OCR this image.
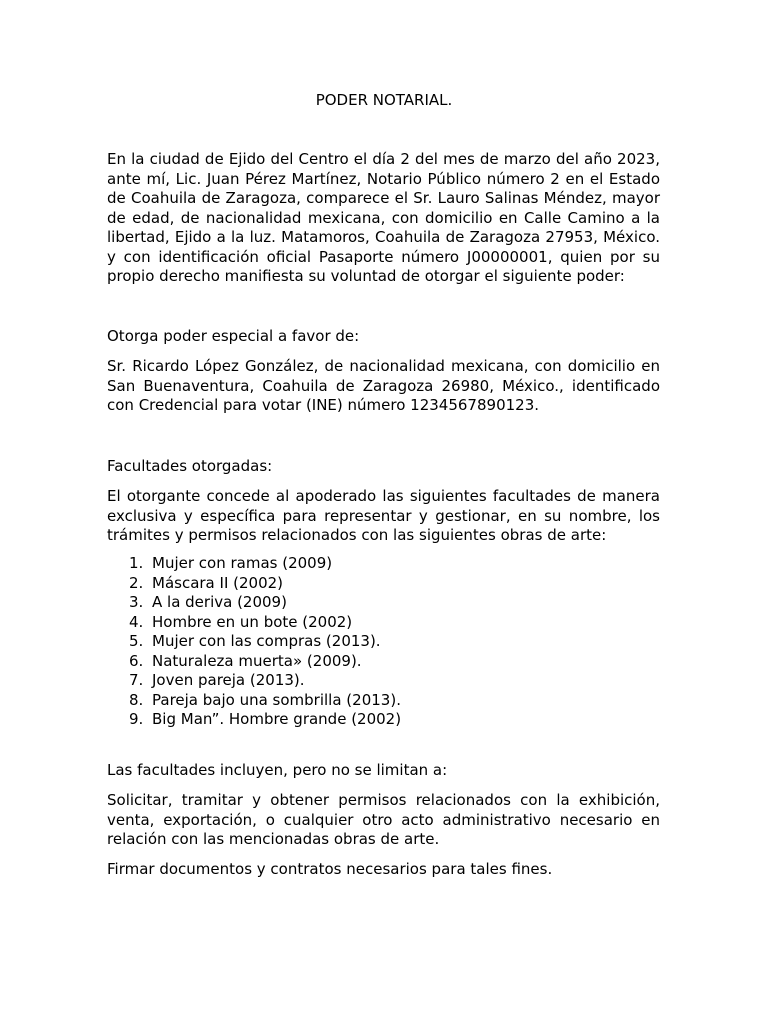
PODER NOTARIAL.

En la ciudad de Ejido del Centro el día 2 del mes de marzo del año 2023, ante mí, Lic. Juan Pérez Martínez, Notario Público número 2 en el Estado de Coahuila de Zaragoza, comparece el Sr. Lauro Salinas Méndez, mayor de edad, de nacionalidad mexicana, con domicilio en Calle Camino a la libertad, Ejido a la luz. Matamoros, Coahuila de Zaragoza 27953, México. y con identificación oficial Pasaporte número J00000001, quien por su propio derecho manifiesta su voluntad de otorgar el siguiente poder:

Otorga poder especial a favor de:

Sr. Ricardo López González, de nacionalidad mexicana, con domicilio en San Buenaventura, Coahuila de Zaragoza 26980, México., identificado con Credencial para votar (INE) número 1234567890123.

Facultades otorgadas:

El otorgante concede al apoderado las siguientes facultades de manera exclusiva y específica para representar y gestionar, en su nombre, los trámites y permisos relacionados con las siguientes obras de arte:

1. Mujer con ramas (2009)
2. Máscara II (2002)
3. A la deriva (2009)
4. Hombre en un bote (2002)
5. Mujer con las compras (2013).
6. Naturaleza muerta» (2009).
7. Joven pareja (2013).
8. Pareja bajo una sombrilla (2013).
9. Big Man”. Hombre grande (2002)

Las facultades incluyen, pero no se limitan a:

Solicitar, tramitar y obtener permisos relacionados con la exhibición, venta, exportación, o cualquier otro acto administrativo necesario en relación con las mencionadas obras de arte.

Firmar documentos y contratos necesarios para tales fines.
